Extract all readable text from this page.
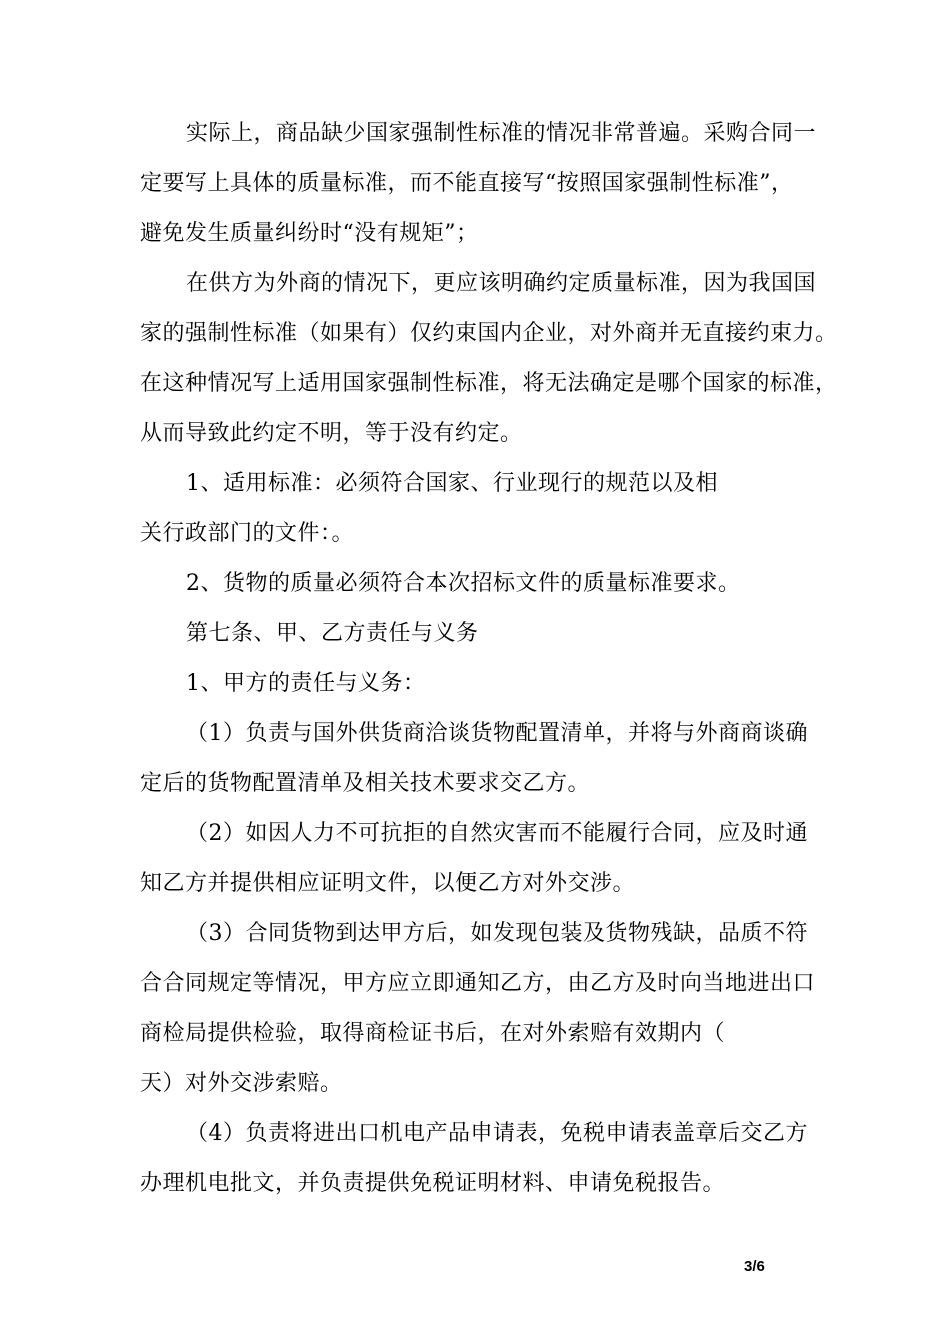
实际上，商品缺少国家强制性标准的情况非常普遍。采购合同一
定要写上具体的质量标准，而不能直接写“按照国家强制性标准”，
避免发生质量纠纷时“没有规矩”；
在供方为外商的情况下，更应该明确约定质量标准，因为我国国
家的强制性标准（如果有）仅约束国内企业，对外商并无直接约束力。
在这种情况写上适用国家强制性标准，将无法确定是哪个国家的标准，
从而导致此约定不明，等于没有约定。
1、适用标准：必须符合国家、行业现行的规范以及相
关行政部门的文件：。
2、货物的质量必须符合本次招标文件的质量标准要求。
第七条、甲、乙方责任与义务
1、甲方的责任与义务：
（1）负责与国外供货商洽谈货物配置清单，并将与外商商谈确
定后的货物配置清单及相关技术要求交乙方。
（2）如因人力不可抗拒的自然灾害而不能履行合同，应及时通
知乙方并提供相应证明文件，以便乙方对外交涉。
（3）合同货物到达甲方后，如发现包装及货物残缺，品质不符
合合同规定等情况，甲方应立即通知乙方，由乙方及时向当地进出口
商检局提供检验，取得商检证书后，在对外索赔有效期内（
天）对外交涉索赔。
（4）负责将进出口机电产品申请表，免税申请表盖章后交乙方
办理机电批文，并负责提供免税证明材料、申请免税报告。
3/6
